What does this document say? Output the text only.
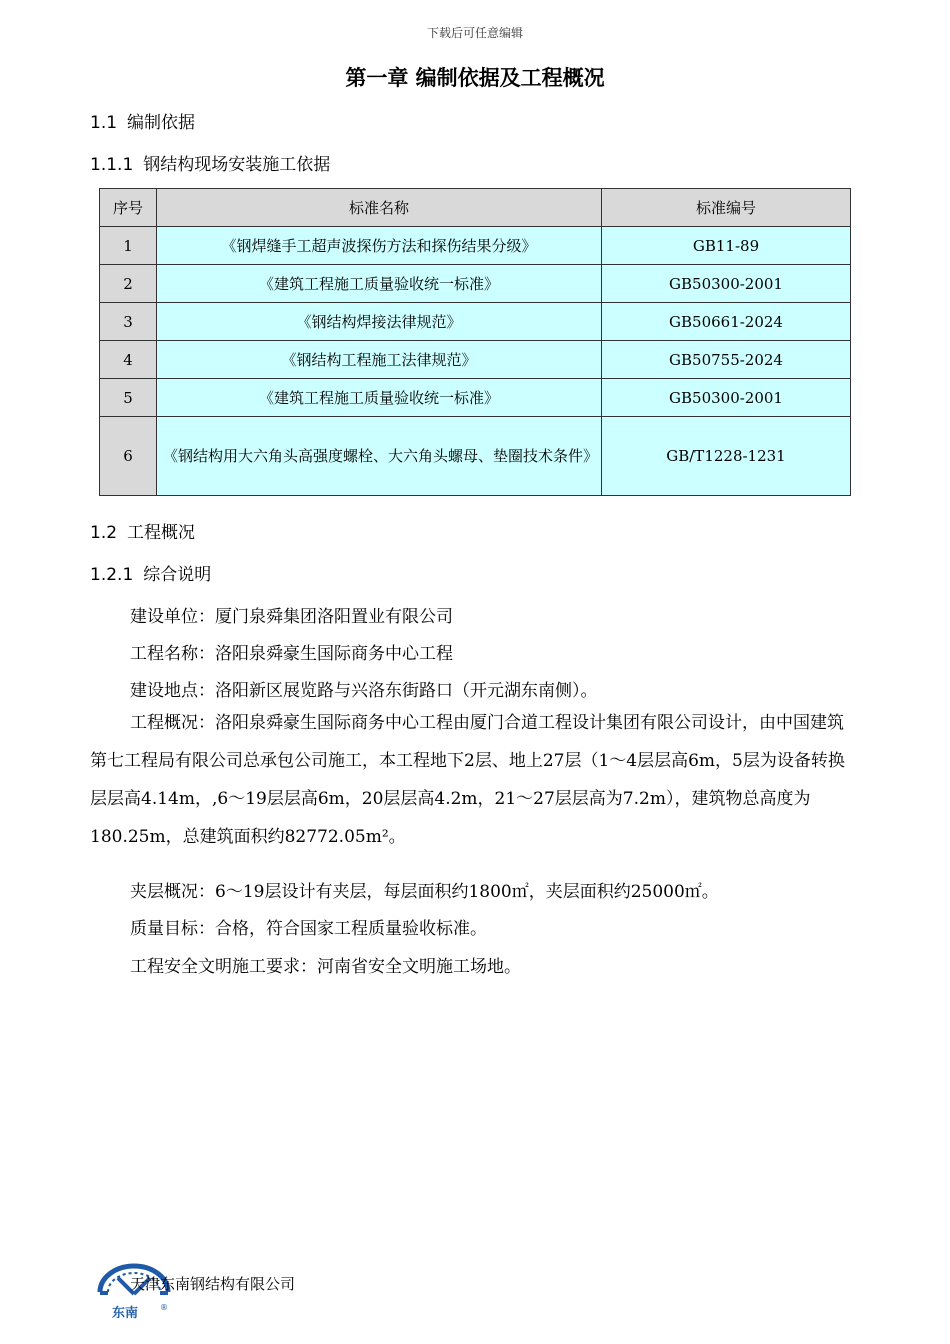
下载后可任意编辑
第一章 编制依据及工程概况
1.1 编制依据
1.1.1 钢结构现场安装施工依据
序号	标准名称	标准编号
1	《钢焊缝手工超声波探伤方法和探伤结果分级》	GB11-89
2	《建筑工程施工质量验收统一标准》	GB50300-2001
3	《钢结构焊接法律规范》	GB50661-2024
4	《钢结构工程施工法律规范》	GB50755-2024
5	《建筑工程施工质量验收统一标准》	GB50300-2001
6	《钢结构用大六角头高强度螺栓、大六角头螺母、垫圈技术条件》	GB/T1228-1231
1.2 工程概况
1.2.1 综合说明
建设单位：厦门泉舜集团洛阳置业有限公司
工程名称：洛阳泉舜豪生国际商务中心工程
建设地点：洛阳新区展览路与兴洛东街路口（开元湖东南侧）。
工程概况：洛阳泉舜豪生国际商务中心工程由厦门合道工程设计集团有限公司设计，由中国建筑第七工程局有限公司总承包公司施工，本工程地下2层、地上27层（1～4层层高6m，5层为设备转换层层高4.14m，,6～19层层高6m，20层层高4.2m，21～27层层高为7.2m），建筑物总高度为180.25m，总建筑面积约82772.05m²。
夹层概况：6～19层设计有夹层，每层面积约1800㎡，夹层面积约25000㎡。
质量目标：合格，符合国家工程质量验收标准。
工程安全文明施工要求：河南省安全文明施工场地。
东南	®
天津东南钢结构有限公司
